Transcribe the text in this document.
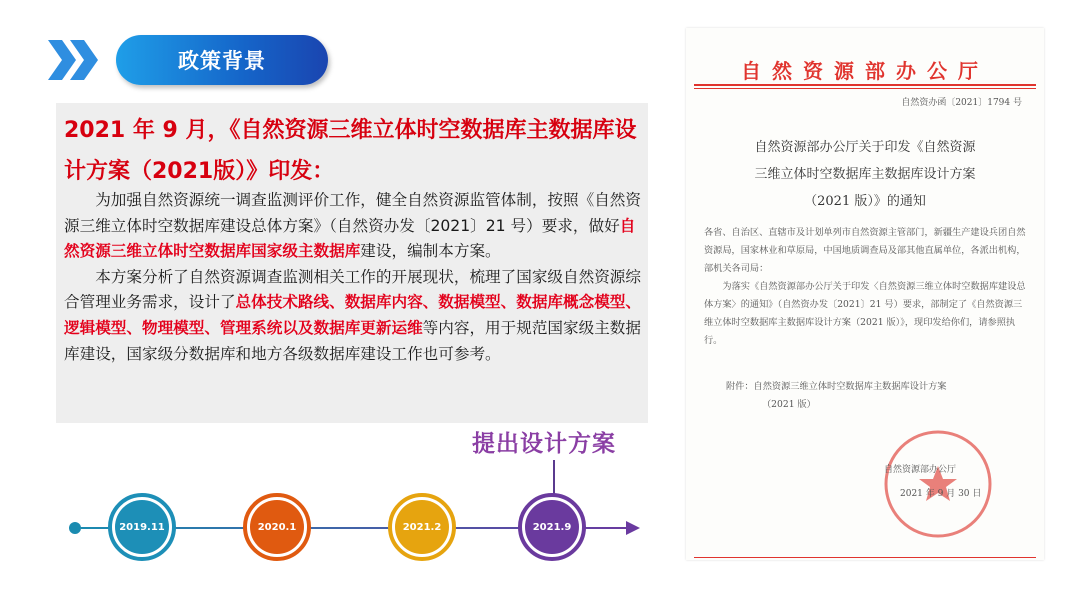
政策背景
2021 年 9 月，《自然资源三维立体时空数据库主数据库设计方案（2021版）》印发：

为加强自然资源统一调查监测评价工作，健全自然资源监管体制，按照《自然资源三维立体时空数据库建设总体方案》（自然资办发〔2021〕21 号）要求，做好自然资源三维立体时空数据库国家级主数据库建设，编制本方案。

本方案分析了自然资源调查监测相关工作的开展现状，梳理了国家级自然资源综合管理业务需求，设计了总体技术路线、数据库内容、数据模型、数据库概念模型、逻辑模型、物理模型、管理系统以及数据库更新运维等内容，用于规范国家级主数据库建设，国家级分数据库和地方各级数据库建设工作也可参考。

提出设计方案
2019.11	2020.1	2021.2	2021.9
自然资源部办公厅
自然资办函〔2021〕1794 号
自然资源部办公厅关于印发《自然资源
三维立体时空数据库主数据库设计方案
（2021 版）》的通知

各省、自治区、直辖市及计划单列市自然资源主管部门，新疆生产建设兵团自然资源局，国家林业和草原局，中国地质调查局及部其他直属单位，各派出机构，部机关各司局：

为落实《自然资源部办公厅关于印发〈自然资源三维立体时空数据库建设总体方案〉的通知》（自然资办发〔2021〕21 号）要求，部制定了《自然资源三维立体时空数据库主数据库设计方案（2021 版）》，现印发给你们，请参照执行。

附件：自然资源三维立体时空数据库主数据库设计方案
（2021 版）
自然资源部办公厅
2021 年 9 月 30 日
